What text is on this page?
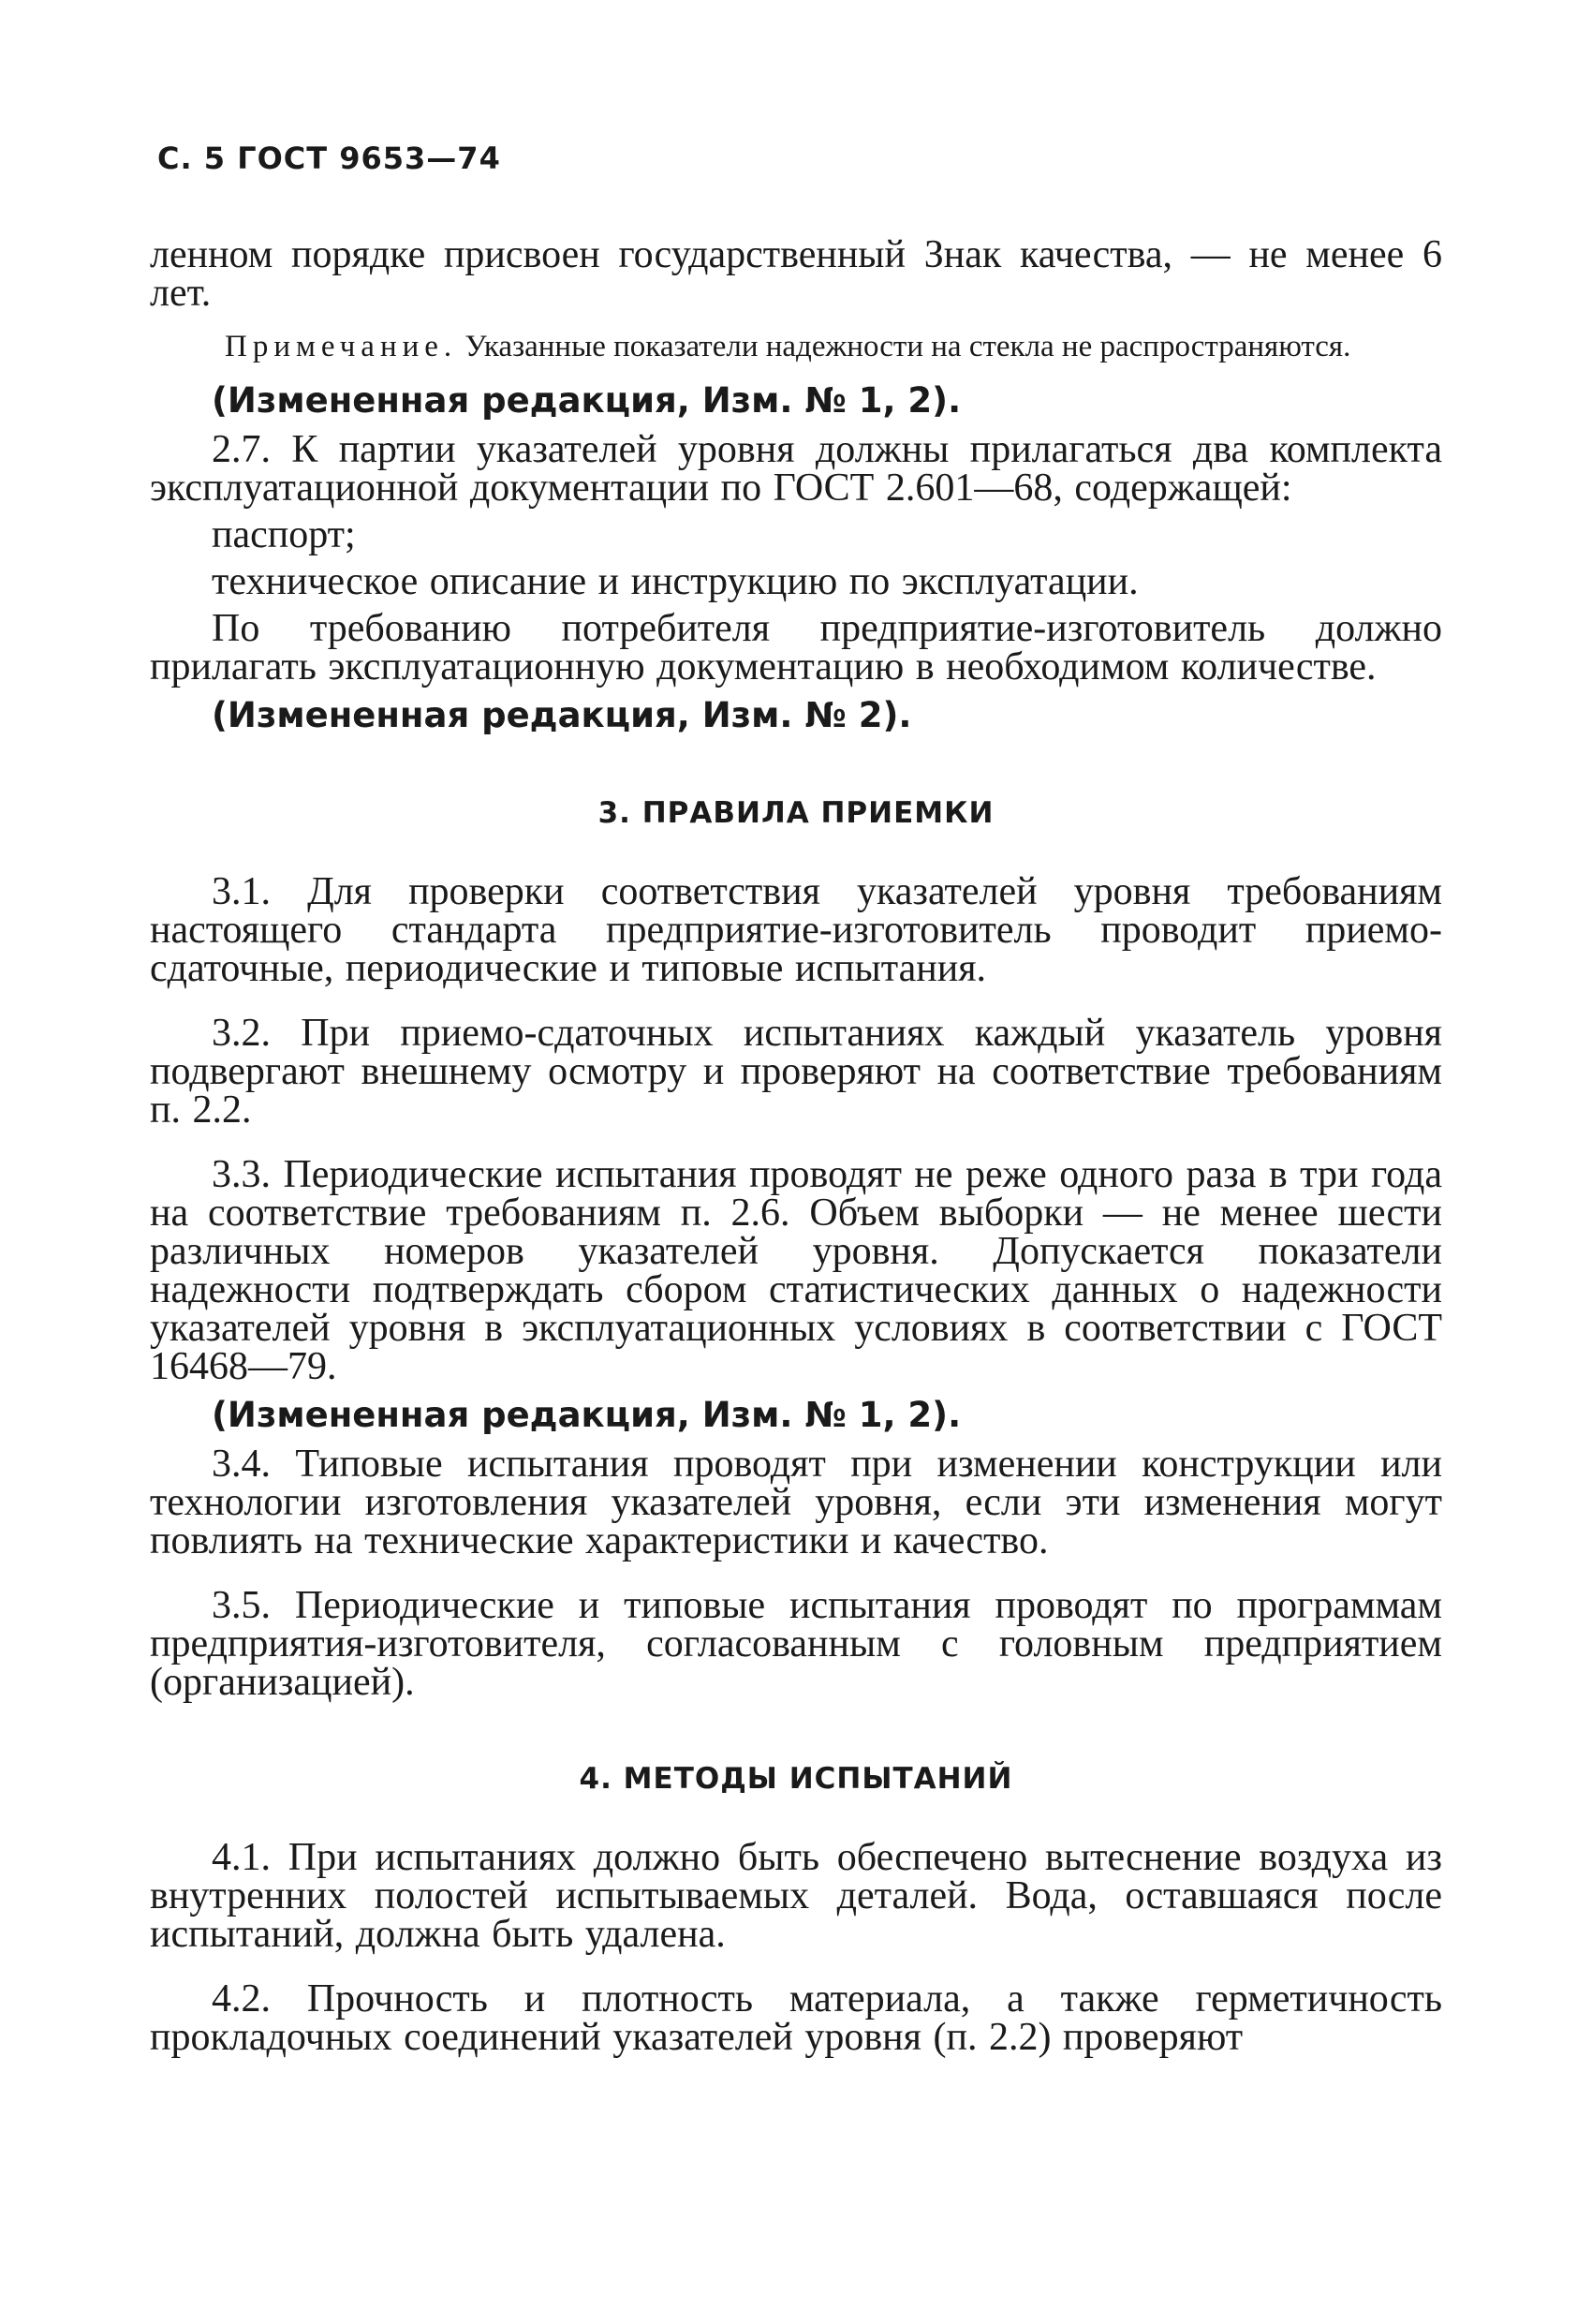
С. 5 ГОСТ 9653—74

ленном порядке присвоен государственный Знак качества, — не менее 6 лет.

Примечание. Указанные показатели надежности на стекла не распространяются.

(Измененная редакция, Изм. № 1, 2).

2.7. К партии указателей уровня должны прилагаться два комплекта эксплуатационной документации по ГОСТ 2.601—68, содержащей:

паспорт;

техническое описание и инструкцию по эксплуатации.

По требованию потребителя предприятие-изготовитель должно прилагать эксплуатационную документацию в необходимом количестве.

(Измененная редакция, Изм. № 2).
3. ПРАВИЛА ПРИЕМКИ

3.1. Для проверки соответствия указателей уровня требованиям настоящего стандарта предприятие-изготовитель проводит приемо-сдаточные, периодические и типовые испытания.

3.2. При приемо-сдаточных испытаниях каждый указатель уровня подвергают внешнему осмотру и проверяют на соответствие требованиям п. 2.2.

3.3. Периодические испытания проводят не реже одного раза в три года на соответствие требованиям п. 2.6. Объем выборки — не менее шести различных номеров указателей уровня. Допускается показатели надежности подтверждать сбором статистических данных о надежности указателей уровня в эксплуатационных условиях в соответствии с ГОСТ 16468—79.

(Измененная редакция, Изм. № 1, 2).

3.4. Типовые испытания проводят при изменении конструкции или технологии изготовления указателей уровня, если эти изменения могут повлиять на технические характеристики и качество.

3.5. Периодические и типовые испытания проводят по программам предприятия-изготовителя, согласованным с головным предприятием (организацией).

4. МЕТОДЫ ИСПЫТАНИЙ

4.1. При испытаниях должно быть обеспечено вытеснение воздуха из внутренних полостей испытываемых деталей. Вода, оставшаяся после испытаний, должна быть удалена.

4.2. Прочность и плотность материала, а также герметичность прокладочных соединений указателей уровня (п. 2.2) проверяют
